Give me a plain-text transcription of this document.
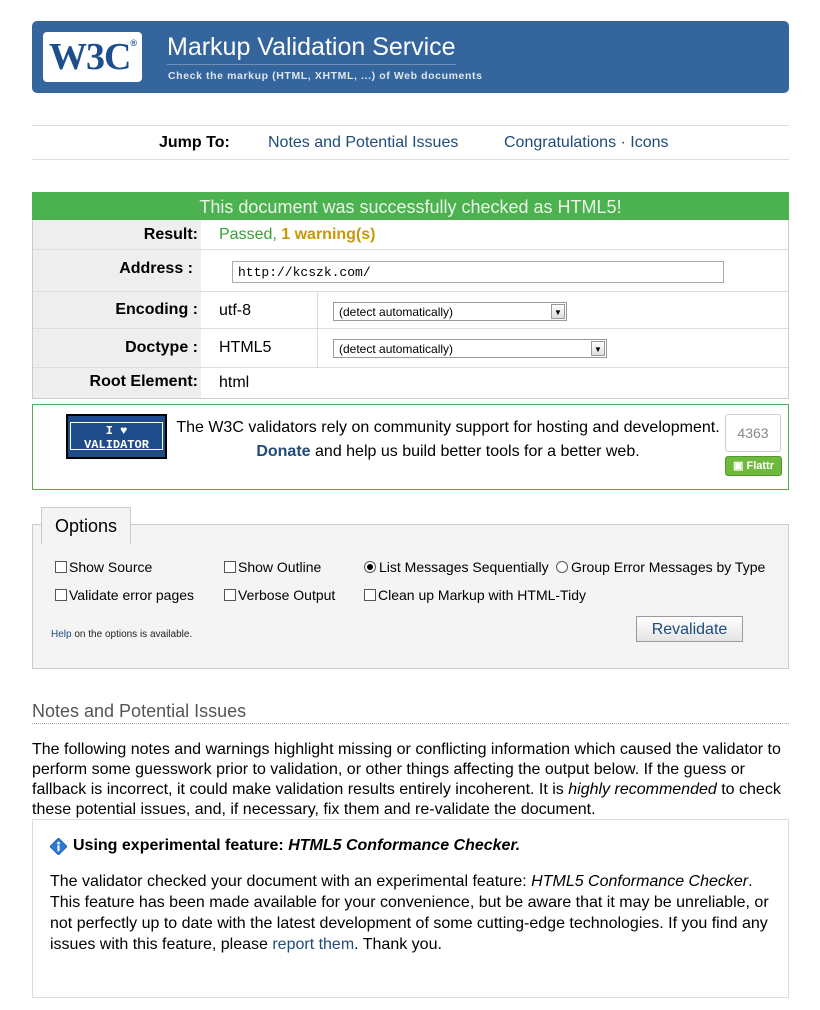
W3C® Markup Validation Service
Check the markup (HTML, XHTML, ...) of Web documents
Jump To: Notes and Potential Issues	Congratulations · Icons
This document was successfully checked as HTML5!
Result: Passed, 1 warning(s)
Address :	http://kcszk.com/
Encoding : utf-8	(detect automatically)	▼
Doctype : HTML5	(detect automatically)	▼
Root Element: html
I ♥
VALIDATOR
The W3C validators rely on community support for hosting and development.
Donate and help us build better tools for a better web.
4363
▣ Flattr
Options
Show Source	Show Outline	List Messages Sequentially Group Error Messages by Type
Validate error pages	Verbose Output	Clean up Markup with HTML-Tidy
Help on the options is available.	Revalidate
Notes and Potential Issues
The following notes and warnings highlight missing or conflicting information which caused the validator to perform some guesswork prior to validation, or other things affecting the output below. If the guess or fallback is incorrect, it could make validation results entirely incoherent. It is highly recommended to check these potential issues, and, if necessary, fix them and re-validate the document.
Using experimental feature:
HTML5 Conformance Checker.
The validator checked your document with an experimental feature: HTML5 Conformance Checker. This feature has been made available for your convenience, but be aware that it may be unreliable, or not perfectly up to date with the latest development of some cutting-edge technologies. If you find any issues with this feature, please report them. Thank you.
